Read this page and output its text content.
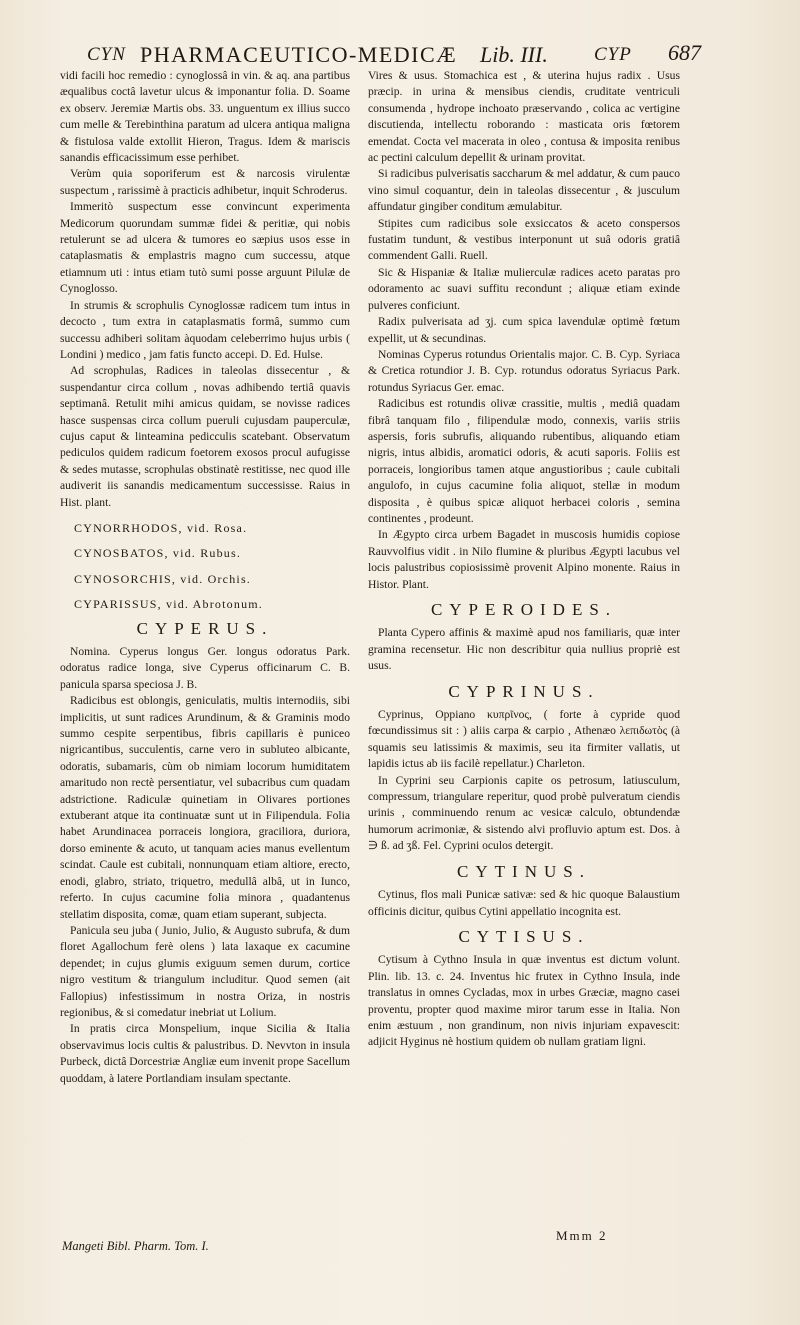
CYN PHARMACEUTICO-MEDICÆ Lib. III. CYP 687

vidi facili hoc remedio : cynoglossâ in vin. & aq. ana partibus æqualibus coctâ lavetur ulcus & imponantur folia. D. Soame ex observ. Jeremiæ Martis obs. 33. unguentum ex illius succo cum melle & Terebinthina paratum ad ulcera antiqua maligna & fistulosa valde extollit Hieron, Tragus. Idem & mariscis sanandis efficacissimum esse perhibet.

Verùm quia soporiferum est & narcosis virulentæ suspectum , rarissimè à practicis adhibetur, inquit Schroderus.

Immeritò suspectum esse convincunt experimenta Medicorum quorundam summæ fidei & peritiæ, qui nobis retulerunt se ad ulcera & tumores eo sæpius usos esse in cataplasmatis & emplastris magno cum successu, atque etiamnum uti : intus etiam tutò sumi posse arguunt Pilulæ de Cynoglosso.

In strumis & scrophulis Cynoglossæ radicem tum intus in decocto , tum extra in cataplasmatis formâ, summo cum successu adhiberi solitam àquodam celeberrimo hujus urbis ( Londini ) medico , jam fatis functo accepi. D. Ed. Hulse.

Ad scrophulas, Radices in taleolas dissecentur , & suspendantur circa collum , novas adhibendo tertiâ quavis septimanâ. Retulit mihi amicus quidam, se novisse radices hasce suspensas circa collum pueruli cujusdam pauperculæ, cujus caput & linteamina pedicculis scatebant. Observatum pediculos quidem radicum foetorem exosos procul aufugisse & sedes mutasse, scrophulas obstinatè restitisse, nec quod ille audiverit iis sanandis medicamentum successisse. Raius in Hist. plant.

CYNORRHODOS, vid. Rosa.

CYNOSBATOS, vid. Rubus.

CYNOSORCHIS, vid. Orchis.

CYPARISSUS, vid. Abrotonum.

CYPERUS.

Nomina. Cyperus longus Ger. longus odoratus Park. odoratus radice longa, sive Cyperus officinarum C. B. panicula sparsa speciosa J. B.

Radicibus est oblongis, geniculatis, multis internodiis, sibi implicitis, ut sunt radices Arundinum, & & Graminis modo summo cespite serpentibus, fibris capillaris è puniceo nigricantibus, succulentis, carne vero in subluteo albicante, odoratis, subamaris, cùm ob nimiam locorum humiditatem amaritudo non rectè persentiatur, vel subacribus cum quadam adstrictione. Radiculæ quinetiam in Olivares portiones extuberant atque ita continuatæ sunt ut in Filipendula. Folia habet Arundinacea porraceis longiora, graciliora, duriora, dorso eminente & acuto, ut tanquam acies manus evellentum scindat. Caule est cubitali, nonnunquam etiam altiore, erecto, enodi, glabro, striato, triquetro, medullâ albâ, ut in Iunco, referto. In cujus cacumine folia minora , quadantenus stellatim disposita, comæ, quam etiam superant, subjecta.

Panicula seu juba ( Junio, Julio, & Augusto subrufa, & dum floret Agallochum ferè olens ) lata laxaque ex cacumine dependet; in cujus glumis exiguum semen durum, cortice nigro vestitum & triangulum includitur. Quod semen (ait Fallopius) infestissimum in nostra Oriza, in nostris regionibus, & si comedatur inebriat ut Lolium.

In pratis circa Monspelium, inque Sicilia & Italia observavimus locis cultis & palustribus. D. Nevvton in insula Purbeck, dictâ Dorcestriæ Angliæ eum invenit prope Sacellum quoddam, à latere Portlandiam insulam spectante.

Vires & usus. Stomachica est , & uterina hujus radix . Usus præcip. in urina & mensibus ciendis, cruditate ventriculi consumenda , hydrope inchoato præservando , colica ac vertigine discutienda, intellectu roborando : masticata oris fœtorem emendat. Cocta vel macerata in oleo , contusa & imposita renibus ac pectini calculum depellit & urinam provitat.

Si radicibus pulverisatis saccharum & mel addatur, & cum pauco vino simul coquantur, dein in taleolas dissecentur , & jusculum affundatur gingiber conditum æmulabitur.

Stipites cum radicibus sole exsiccatos & aceto conspersos fustatim tundunt, & vestibus interponunt ut suâ odoris gratiâ commendent Galli. Ruell.

Sic & Hispaniæ & Italiæ mulierculæ radices aceto paratas pro odoramento ac suavi suffitu recondunt ; aliquæ etiam exinde pulveres conficiunt.

Radix pulverisata ad ʒj. cum spica lavendulæ optimè fœtum expellit, ut & secundinas.

Nominas Cyperus rotundus Orientalis major. C. B. Cyp. Syriaca & Cretica rotundior J. B. Cyp. rotundus odoratus Syriacus Park. rotundus Syriacus Ger. emac.

Radicibus est rotundis olivæ crassitie, multis , mediâ quadam fibrâ tanquam filo , filipendulæ modo, connexis, variis striis aspersis, foris subrufis, aliquando rubentibus, aliquando etiam nigris, intus albidis, aromatici odoris, & acuti saporis. Foliis est porraceis, longioribus tamen atque angustioribus ; caule cubitali angulofo, in cujus cacumine folia aliquot, stellæ in modum disposita , è quibus spicæ aliquot herbacei coloris , semina continentes , prodeunt.

In Ægypto circa urbem Bagadet in muscosis humidis copiose Rauvvolfius vidit . in Nilo flumine & pluribus Ægypti lacubus vel locis palustribus copiosissimè provenit Alpino monente. Raius in Histor. Plant.

CYPEROIDES.

Planta Cypero affinis & maximè apud nos familiaris, quæ inter gramina recensetur. Hic non describitur quia nullius propriè est usus.

CYPRINUS.

Cyprinus, Oppiano κυπρῖνος, ( forte à cypride quod fœcundissimus sit : ) aliis carpa & carpio , Athenæo λεπιδωτὸς (à squamis seu latissimis & maximis, seu ita firmiter vallatis, ut lapidis ictus ab iis facilè repellatur.) Charleton.

In Cyprini seu Carpionis capite os petrosum, latiusculum, compressum, triangulare reperitur, quod probè pulveratum ciendis urinis , comminuendo renum ac vesicæ calculo, obtundendæ humorum acrimoniæ, & sistendo alvi profluvio aptum est. Dos. à ∋ ß. ad ʒß. Fel. Cyprini oculos detergit.

CYTINUS.

Cytinus, flos mali Punicæ sativæ: sed & hic quoque Balaustium officinis dicitur, quibus Cytini appellatio incognita est.

CYTISUS.

Cytisum à Cythno Insula in quæ inventus est dictum volunt. Plin. lib. 13. c. 24. Inventus hic frutex in Cythno Insula, inde translatus in omnes Cycladas, mox in urbes Græciæ, magno casei proventu, propter quod maxime miror tarum esse in Italia. Non enim æstuum , non grandinum, non nivis injuriam expavescit: adjicit Hyginus nè hostium quidem ob nullam gratiam ligni.

Mangeti Bibl. Pharm. Tom. I.
Mmm 2
